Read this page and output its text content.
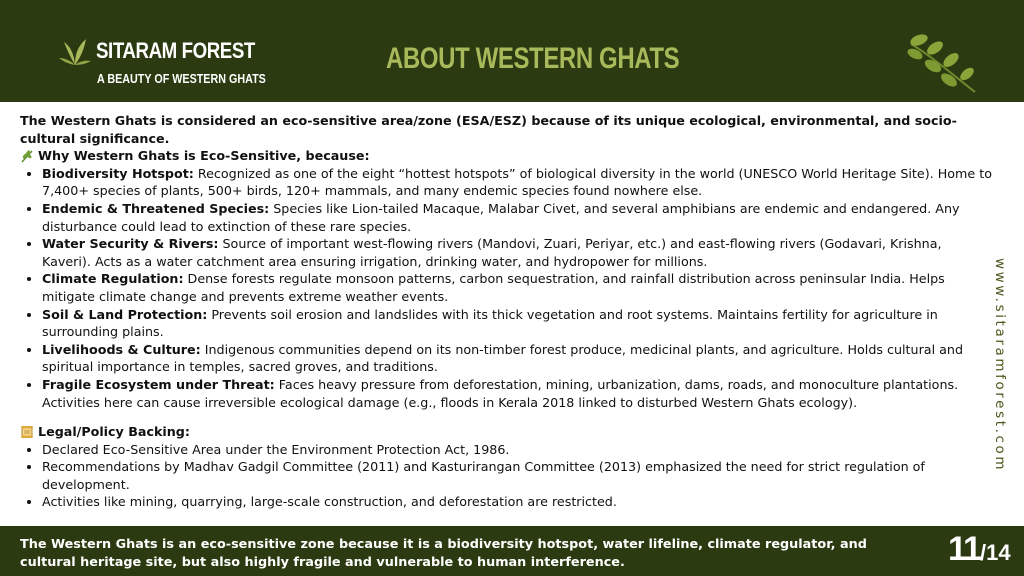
SITARAM FOREST
A BEAUTY OF WESTERN GHATS
ABOUT WESTERN GHATS

The Western Ghats is considered an eco-sensitive area/zone (ESA/ESZ) because of its unique ecological, environmental, and socio-cultural significance.

Why Western Ghats is Eco-Sensitive, because:
• Biodiversity Hotspot: Recognized as one of the eight “hottest hotspots” of biological diversity in the world (UNESCO World Heritage Site). Home to 7,400+ species of plants, 500+ birds, 120+ mammals, and many endemic species found nowhere else.
• Endemic & Threatened Species: Species like Lion-tailed Macaque, Malabar Civet, and several amphibians are endemic and endangered. Any disturbance could lead to extinction of these rare species.
• Water Security & Rivers: Source of important west-flowing rivers (Mandovi, Zuari, Periyar, etc.) and east-flowing rivers (Godavari, Krishna, Kaveri). Acts as a water catchment area ensuring irrigation, drinking water, and hydropower for millions.
• Climate Regulation: Dense forests regulate monsoon patterns, carbon sequestration, and rainfall distribution across peninsular India. Helps mitigate climate change and prevents extreme weather events.
• Soil & Land Protection: Prevents soil erosion and landslides with its thick vegetation and root systems. Maintains fertility for agriculture in surrounding plains.
• Livelihoods & Culture: Indigenous communities depend on its non-timber forest produce, medicinal plants, and agriculture. Holds cultural and spiritual importance in temples, sacred groves, and traditions.
• Fragile Ecosystem under Threat: Faces heavy pressure from deforestation, mining, urbanization, dams, roads, and monoculture plantations. Activities here can cause irreversible ecological damage (e.g., floods in Kerala 2018 linked to disturbed Western Ghats ecology).
Legal/Policy Backing:
• Declared Eco-Sensitive Area under the Environment Protection Act, 1986.
• Recommendations by Madhav Gadgil Committee (2011) and Kasturirangan Committee (2013) emphasized the need for strict regulation of development.
• Activities like mining, quarrying, large-scale construction, and deforestation are restricted.
www.sitaramforest.com
The Western Ghats is an eco-sensitive zone because it is a biodiversity hotspot, water lifeline, climate regulator, and cultural heritage site, but also highly fragile and vulnerable to human interference.	11/14
